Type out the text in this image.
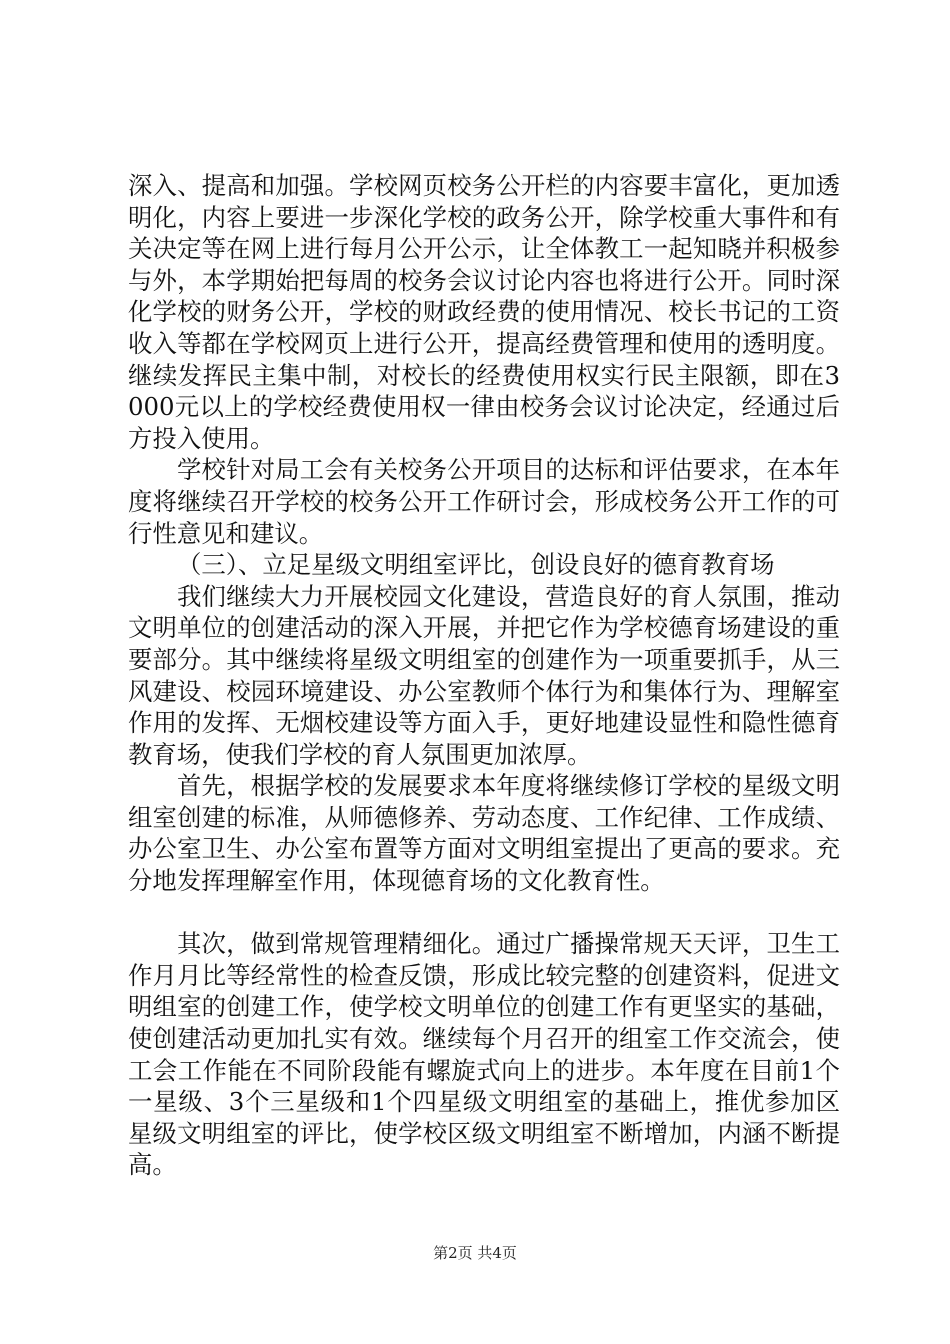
深入、提高和加强。学校网页校务公开栏的内容要丰富化，更加透明化，内容上要进一步深化学校的政务公开，除学校重大事件和有关决定等在网上进行每月公开公示，让全体教工一起知晓并积极参与外，本学期始把每周的校务会议讨论内容也将进行公开。同时深化学校的财务公开，学校的财政经费的使用情况、校长书记的工资收入等都在学校网页上进行公开，提高经费管理和使用的透明度。继续发挥民主集中制，对校长的经费使用权实行民主限额，即在3000元以上的学校经费使用权一律由校务会议讨论决定，经通过后方投入使用。

学校针对局工会有关校务公开项目的达标和评估要求，在本年度将继续召开学校的校务公开工作研讨会，形成校务公开工作的可行性意见和建议。

（三）、立足星级文明组室评比，创设良好的德育教育场

我们继续大力开展校园文化建设，营造良好的育人氛围，推动文明单位的创建活动的深入开展，并把它作为学校德育场建设的重要部分。其中继续将星级文明组室的创建作为一项重要抓手，从三风建设、校园环境建设、办公室教师个体行为和集体行为、理解室作用的发挥、无烟校建设等方面入手，更好地建设显性和隐性德育教育场，使我们学校的育人氛围更加浓厚。

首先，根据学校的发展要求本年度将继续修订学校的星级文明组室创建的标准，从师德修养、劳动态度、工作纪律、工作成绩、办公室卫生、办公室布置等方面对文明组室提出了更高的要求。充分地发挥理解室作用，体现德育场的文化教育性。

其次，做到常规管理精细化。通过广播操常规天天评，卫生工作月月比等经常性的检查反馈，形成比较完整的创建资料，促进文明组室的创建工作，使学校文明单位的创建工作有更坚实的基础，使创建活动更加扎实有效。继续每个月召开的组室工作交流会，使工会工作能在不同阶段能有螺旋式向上的进步。本年度在目前1个一星级、3个三星级和1个四星级文明组室的基础上，推优参加区星级文明组室的评比，使学校区级文明组室不断增加，内涵不断提高。

第2页 共4页
